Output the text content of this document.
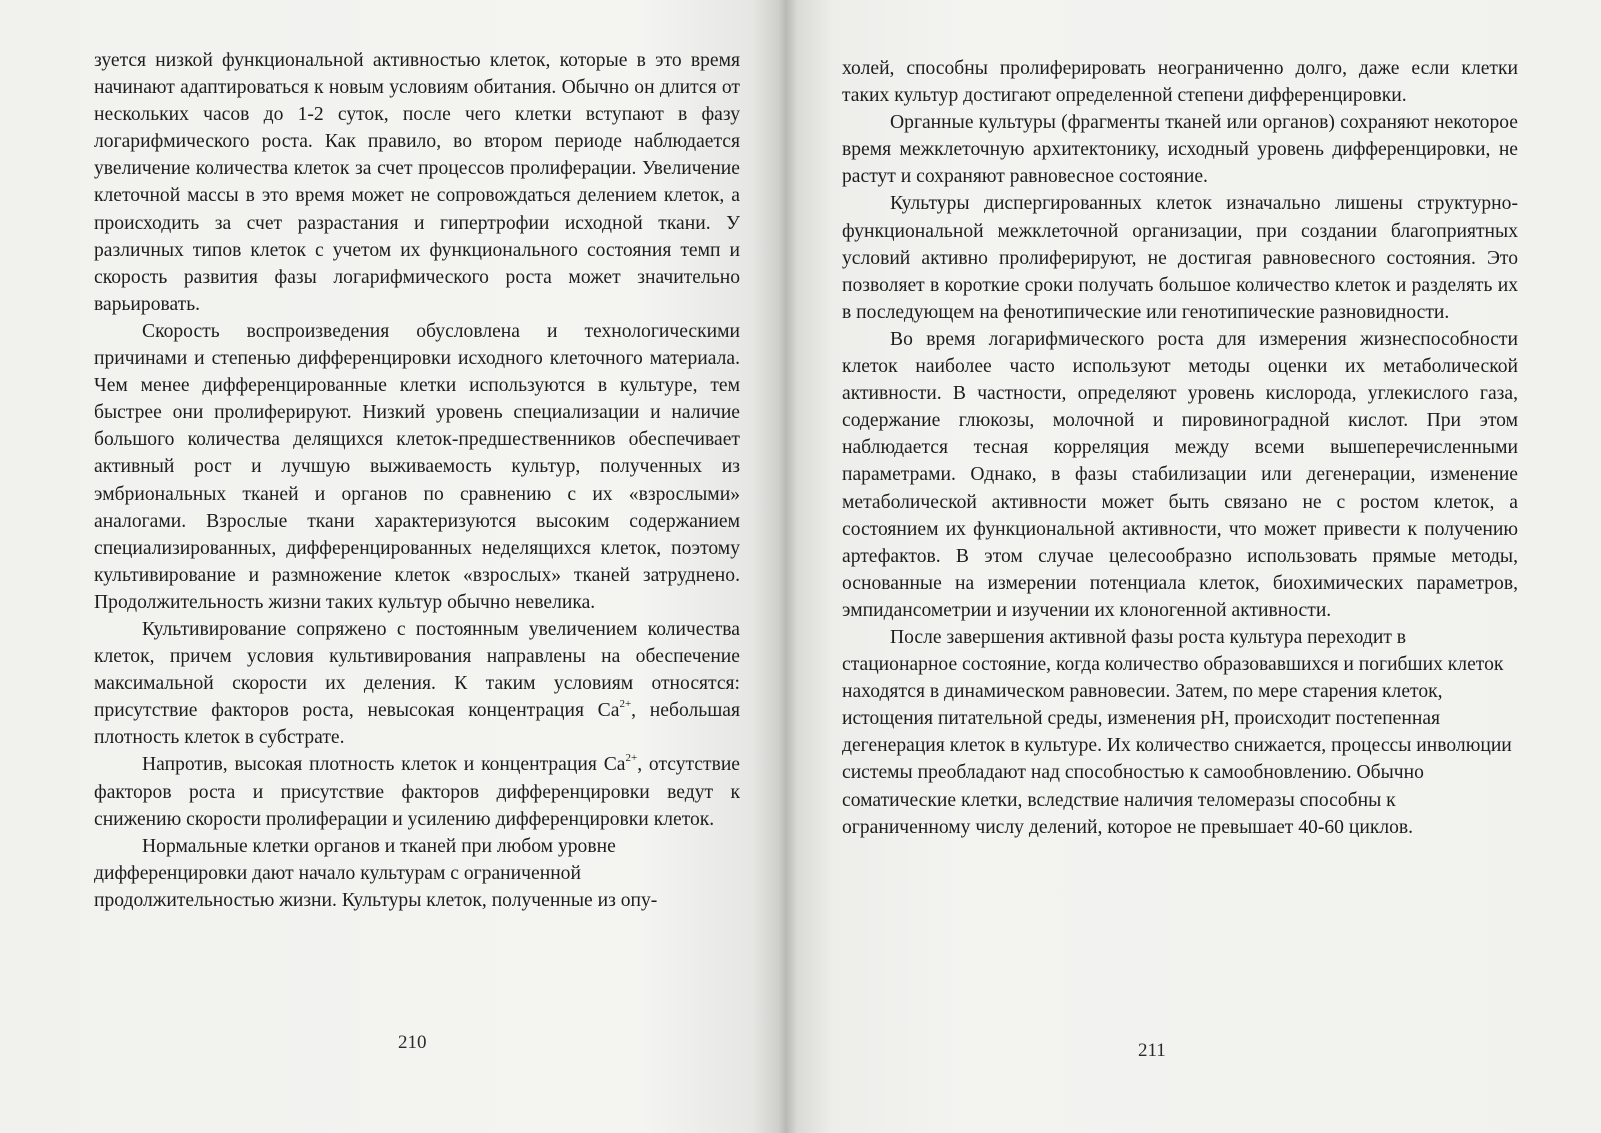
зуется низкой функциональной активностью клеток, которые в это время начинают адаптироваться к новым условиям обитания. Обычно он длится от нескольких часов до 1-2 суток, после чего клетки вступают в фазу логарифмического роста. Как правило, во втором периоде наблюдается увеличение количества клеток за счет процессов пролиферации. Увеличение клеточной массы в это время может не сопровождаться делением клеток, а происходить за счет разрастания и гипертрофии исходной ткани. У различных типов клеток с учетом их функционального состояния темп и скорость развития фазы логарифмического роста может значительно варьировать.

Скорость воспроизведения обусловлена и технологическими причинами и степенью дифференцировки исходного клеточного материала. Чем менее дифференцированные клетки используются в культуре, тем быстрее они пролиферируют. Низкий уровень специализации и наличие большого количества делящихся клеток-предшественников обеспечивает активный рост и лучшую выживаемость культур, полученных из эмбриональных тканей и органов по сравнению с их «взрослыми» аналогами. Взрослые ткани характеризуются высоким содержанием специализированных, дифференцированных неделящихся клеток, поэтому культивирование и размножение клеток «взрослых» тканей затруднено. Продолжительность жизни таких культур обычно невелика.

Культивирование сопряжено с постоянным увеличением количества клеток, причем условия культивирования направлены на обеспечение максимальной скорости их деления. К таким условиям относятся: присутствие факторов роста, невысокая концентрация $Ca^{2+}$, небольшая плотность клеток в субстрате.

Напротив, высокая плотность клеток и концентрация $Ca^{2+}$, отсутствие факторов роста и присутствие факторов дифференцировки ведут к снижению скорости пролиферации и усилению дифференцировки клеток.

Нормальные клетки органов и тканей при любом уровне дифференцировки дают начало культурам с ограниченной продолжительностью жизни. Культуры клеток, полученные из опу-

210

холей, способны пролиферировать неограниченно долго, даже если клетки таких культур достигают определенной степени дифференцировки.

Органные культуры (фрагменты тканей или органов) сохраняют некоторое время межклеточную архитектонику, исходный уровень дифференцировки, не растут и сохраняют равновесное состояние.

Культуры диспергированных клеток изначально лишены структурно-функциональной межклеточной организации, при создании благоприятных условий активно пролиферируют, не достигая равновесного состояния. Это позволяет в короткие сроки получать большое количество клеток и разделять их в последующем на фенотипические или генотипические разновидности.

Во время логарифмического роста для измерения жизнеспособности клеток наиболее часто используют методы оценки их метаболической активности. В частности, определяют уровень кислорода, углекислого газа, содержание глюкозы, молочной и пировиноградной кислот. При этом наблюдается тесная корреляция между всеми вышеперечисленными параметрами. Однако, в фазы стабилизации или дегенерации, изменение метаболической активности может быть связано не с ростом клеток, а состоянием их функциональной активности, что может привести к получению артефактов. В этом случае целесообразно использовать прямые методы, основанные на измерении потенциала клеток, биохимических параметров, эмпидансометрии и изучении их клоногенной активности.

После завершения активной фазы роста культура переходит в стационарное состояние, когда количество образовавшихся и погибших клеток находятся в динамическом равновесии. Затем, по мере старения клеток, истощения питательной среды, изменения pH, происходит постепенная дегенерация клеток в культуре. Их количество снижается, процессы инволюции системы преобладают над способностью к самообновлению. Обычно соматические клетки, вследствие наличия теломеразы способны к ограниченному числу делений, которое не превышает 40-60 циклов.

211
